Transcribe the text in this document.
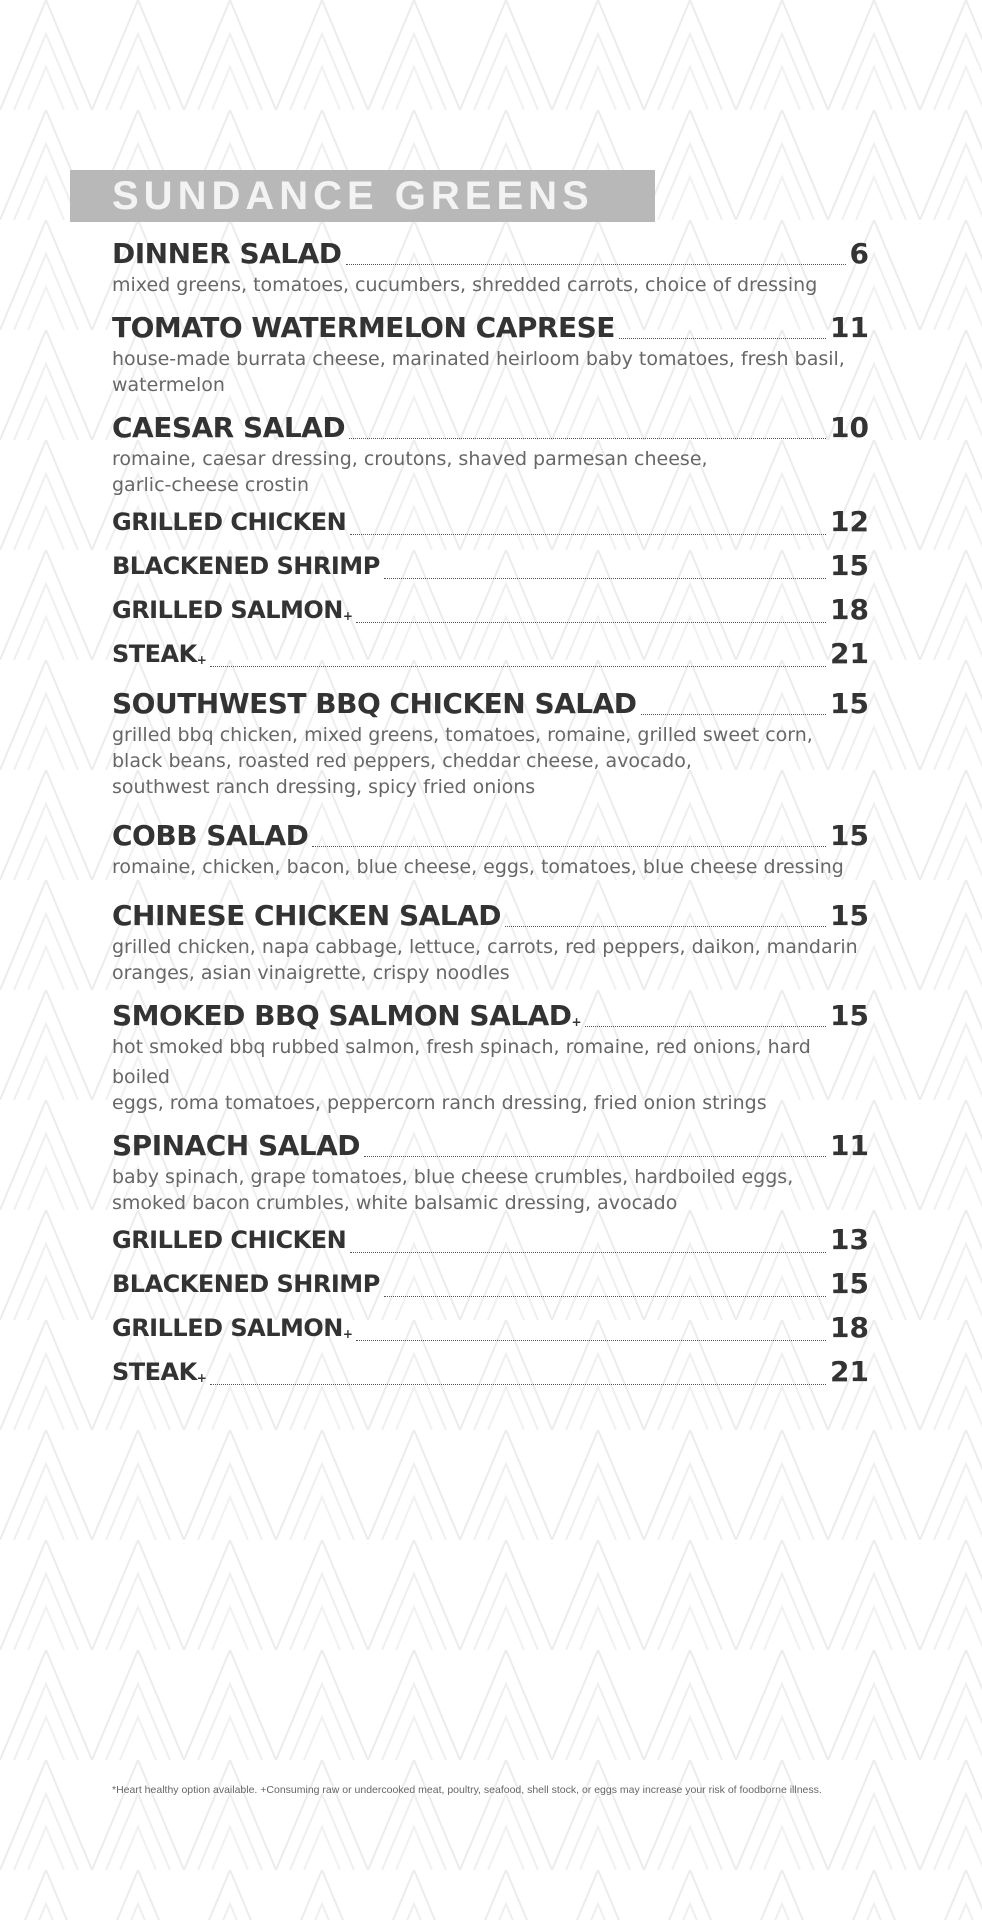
SUNDANCE GREENS
DINNER SALAD	6
mixed greens, tomatoes, cucumbers, shredded carrots, choice of dressing
TOMATO WATERMELON CAPRESE	11
house-made burrata cheese, marinated heirloom baby tomatoes, fresh basil,
watermelon
CAESAR SALAD	10
romaine, caesar dressing, croutons, shaved parmesan cheese,
garlic-cheese crostin
GRILLED CHICKEN	12
BLACKENED SHRIMP	15
GRILLED SALMON+	18
STEAK+	21
SOUTHWEST BBQ CHICKEN SALAD	15
grilled bbq chicken, mixed greens, tomatoes, romaine, grilled sweet corn,
black beans, roasted red peppers, cheddar cheese, avocado,
southwest ranch dressing, spicy fried onions
COBB SALAD	15
romaine, chicken, bacon, blue cheese, eggs, tomatoes, blue cheese dressing
CHINESE CHICKEN SALAD	15
grilled chicken, napa cabbage, lettuce, carrots, red peppers, daikon, mandarin
oranges, asian vinaigrette, crispy noodles
SMOKED BBQ SALMON SALAD+	15
hot smoked bbq rubbed salmon, fresh spinach, romaine, red onions, hard boiled
eggs, roma tomatoes, peppercorn ranch dressing, fried onion strings
SPINACH SALAD	11
baby spinach, grape tomatoes, blue cheese crumbles, hardboiled eggs,
smoked bacon crumbles, white balsamic dressing, avocado
GRILLED CHICKEN	13
BLACKENED SHRIMP	15
GRILLED SALMON+	18
STEAK+	21
*Heart healthy option available. +Consuming raw or undercooked meat, poultry, seafood, shell stock, or eggs may increase your risk of foodborne illness.
